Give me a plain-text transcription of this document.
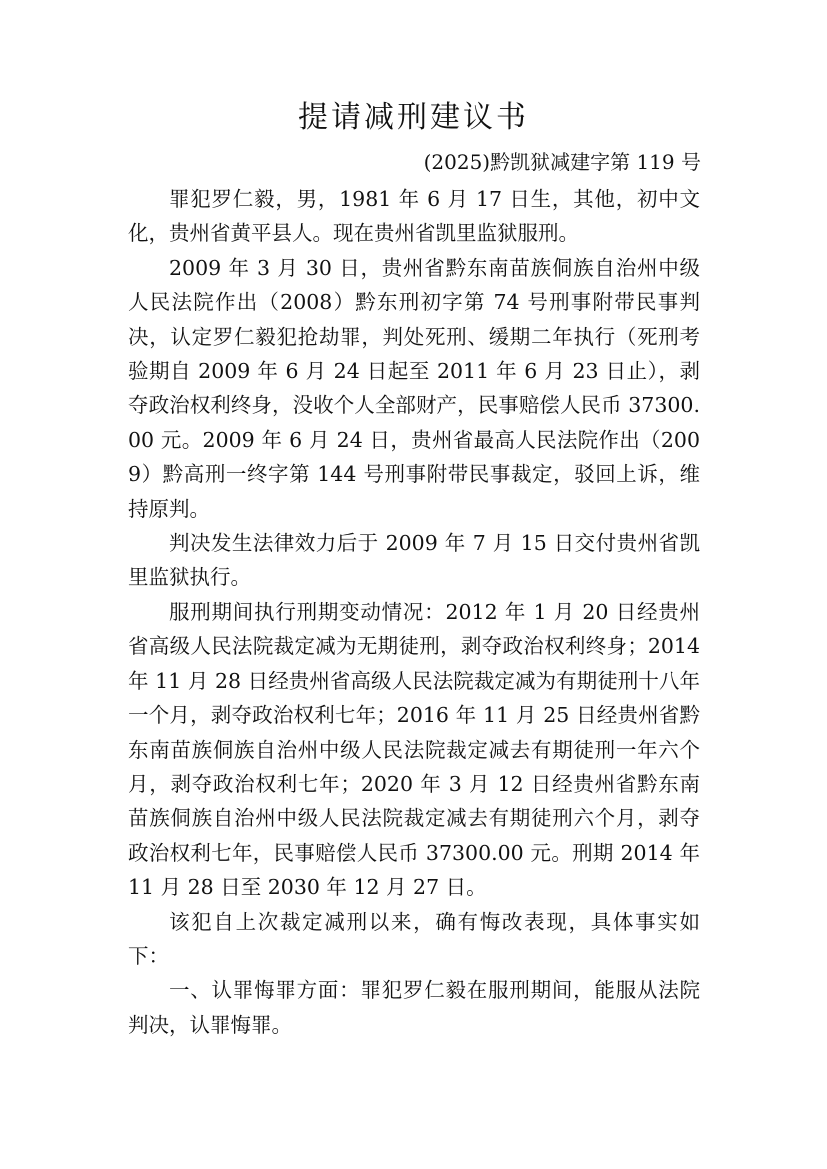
提请减刑建议书
(2025)黔凯狱减建字第 119 号

罪犯罗仁毅，男，1981 年 6 月 17 日生，其他，初中文化，贵州省黄平县人。现在贵州省凯里监狱服刑。

2009 年 3 月 30 日，贵州省黔东南苗族侗族自治州中级人民法院作出（2008）黔东刑初字第 74 号刑事附带民事判决，认定罗仁毅犯抢劫罪，判处死刑、缓期二年执行（死刑考验期自 2009 年 6 月 24 日起至 2011 年 6 月 23 日止），剥夺政治权利终身，没收个人全部财产，民事赔偿人民币 37300.00 元。2009 年 6 月 24 日，贵州省最高人民法院作出（2009）黔高刑一终字第 144 号刑事附带民事裁定，驳回上诉，维持原判。

判决发生法律效力后于 2009 年 7 月 15 日交付贵州省凯里监狱执行。

服刑期间执行刑期变动情况：2012 年 1 月 20 日经贵州省高级人民法院裁定减为无期徒刑，剥夺政治权利终身；2014 年 11 月 28 日经贵州省高级人民法院裁定减为有期徒刑十八年一个月，剥夺政治权利七年；2016 年 11 月 25 日经贵州省黔东南苗族侗族自治州中级人民法院裁定减去有期徒刑一年六个月，剥夺政治权利七年；2020 年 3 月 12 日经贵州省黔东南苗族侗族自治州中级人民法院裁定减去有期徒刑六个月，剥夺政治权利七年，民事赔偿人民币 37300.00 元。刑期 2014 年 11 月 28 日至 2030 年 12 月 27 日。

该犯自上次裁定减刑以来，确有悔改表现，具体事实如下：

一、认罪悔罪方面：罪犯罗仁毅在服刑期间，能服从法院判决，认罪悔罪。
